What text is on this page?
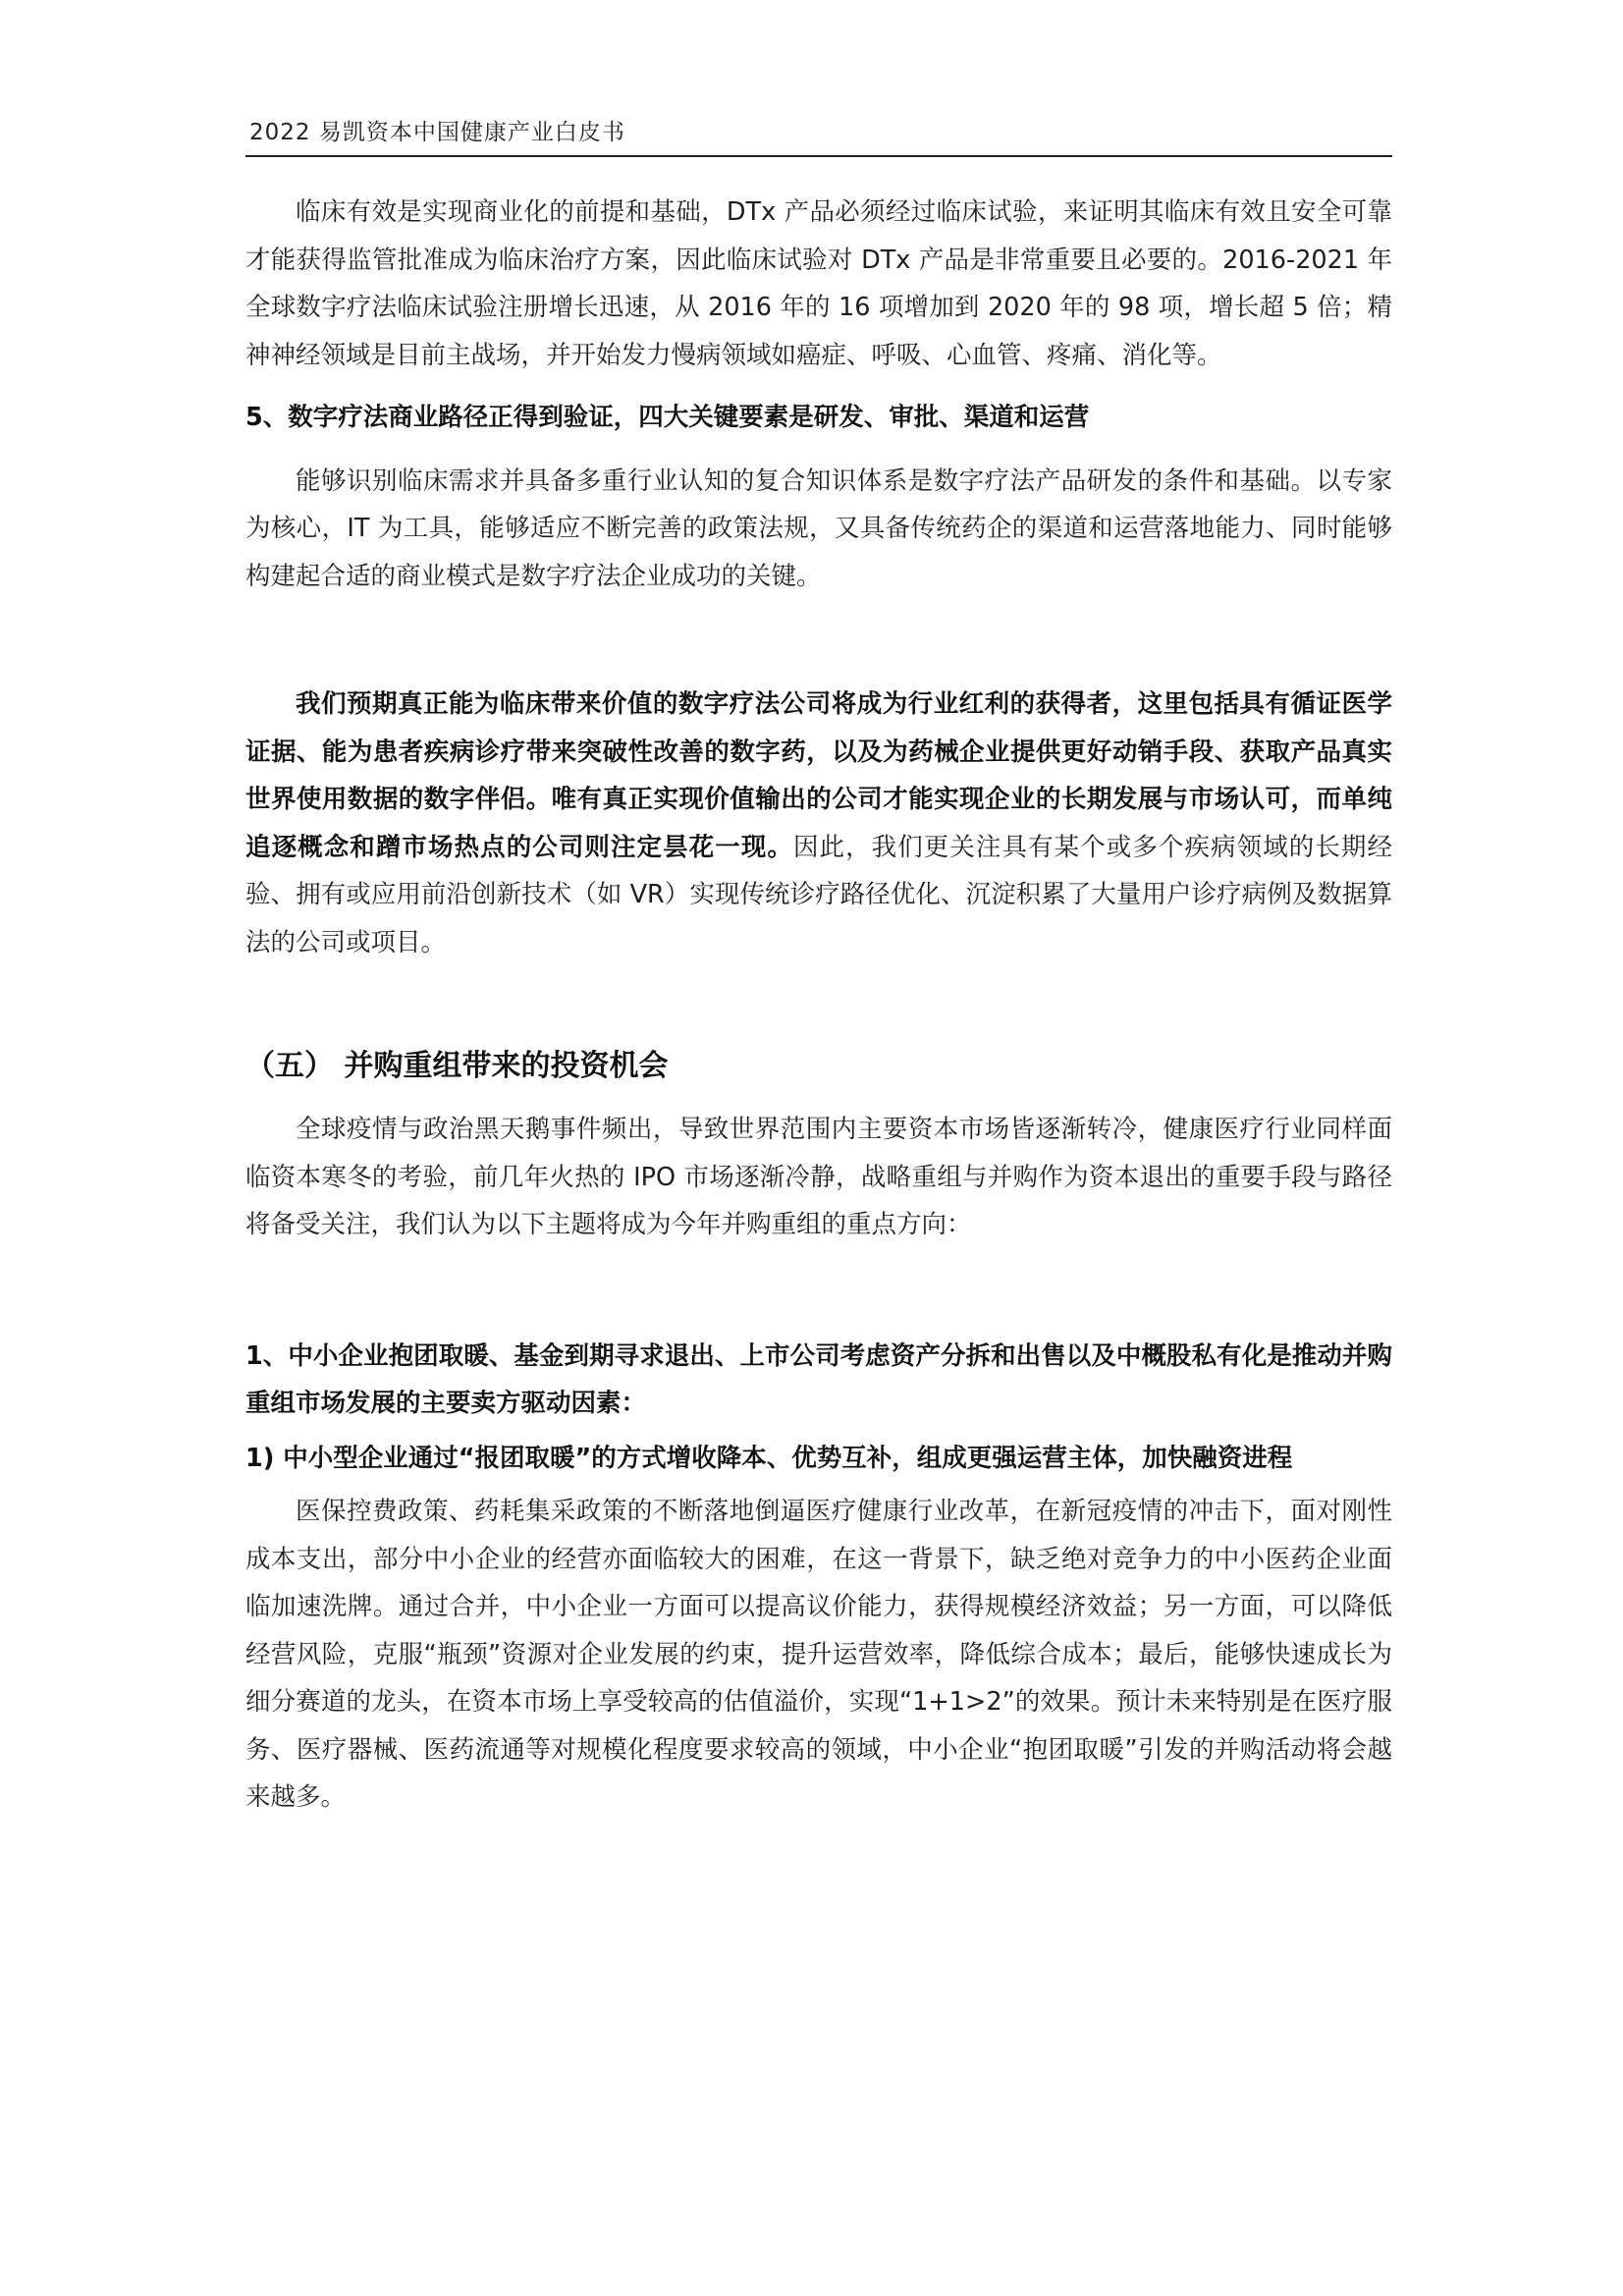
2022 易凯资本中国健康产业白皮书

临床有效是实现商业化的前提和基础，DTx 产品必须经过临床试验，来证明其临床有效且安全可靠才能获得监管批准成为临床治疗方案，因此临床试验对 DTx 产品是非常重要且必要的。2016-2021 年全球数字疗法临床试验注册增长迅速，从 2016 年的 16 项增加到 2020 年的 98 项，增长超 5 倍；精神神经领域是目前主战场，并开始发力慢病领域如癌症、呼吸、心血管、疼痛、消化等。

5、数字疗法商业路径正得到验证，四大关键要素是研发、审批、渠道和运营

能够识别临床需求并具备多重行业认知的复合知识体系是数字疗法产品研发的条件和基础。以专家为核心，IT 为工具，能够适应不断完善的政策法规，又具备传统药企的渠道和运营落地能力、同时能够构建起合适的商业模式是数字疗法企业成功的关键。

我们预期真正能为临床带来价值的数字疗法公司将成为行业红利的获得者，这里包括具有循证医学证据、能为患者疾病诊疗带来突破性改善的数字药，以及为药械企业提供更好动销手段、获取产品真实世界使用数据的数字伴侣。唯有真正实现价值输出的公司才能实现企业的长期发展与市场认可，而单纯追逐概念和蹭市场热点的公司则注定昙花一现。因此，我们更关注具有某个或多个疾病领域的长期经验、拥有或应用前沿创新技术（如 VR）实现传统诊疗路径优化、沉淀积累了大量用户诊疗病例及数据算法的公司或项目。

（五） 并购重组带来的投资机会

全球疫情与政治黑天鹅事件频出，导致世界范围内主要资本市场皆逐渐转冷，健康医疗行业同样面临资本寒冬的考验，前几年火热的 IPO 市场逐渐冷静，战略重组与并购作为资本退出的重要手段与路径将备受关注，我们认为以下主题将成为今年并购重组的重点方向：

1、中小企业抱团取暖、基金到期寻求退出、上市公司考虑资产分拆和出售以及中概股私有化是推动并购重组市场发展的主要卖方驱动因素：

1) 中小型企业通过“报团取暖”的方式增收降本、优势互补，组成更强运营主体，加快融资进程

医保控费政策、药耗集采政策的不断落地倒逼医疗健康行业改革，在新冠疫情的冲击下，面对刚性成本支出，部分中小企业的经营亦面临较大的困难，在这一背景下，缺乏绝对竞争力的中小医药企业面临加速洗牌。通过合并，中小企业一方面可以提高议价能力，获得规模经济效益；另一方面，可以降低经营风险，克服“瓶颈”资源对企业发展的约束，提升运营效率，降低综合成本；最后，能够快速成长为细分赛道的龙头，在资本市场上享受较高的估值溢价，实现“1+1>2”的效果。预计未来特别是在医疗服务、医疗器械、医药流通等对规模化程度要求较高的领域，中小企业“抱团取暖”引发的并购活动将会越来越多。
